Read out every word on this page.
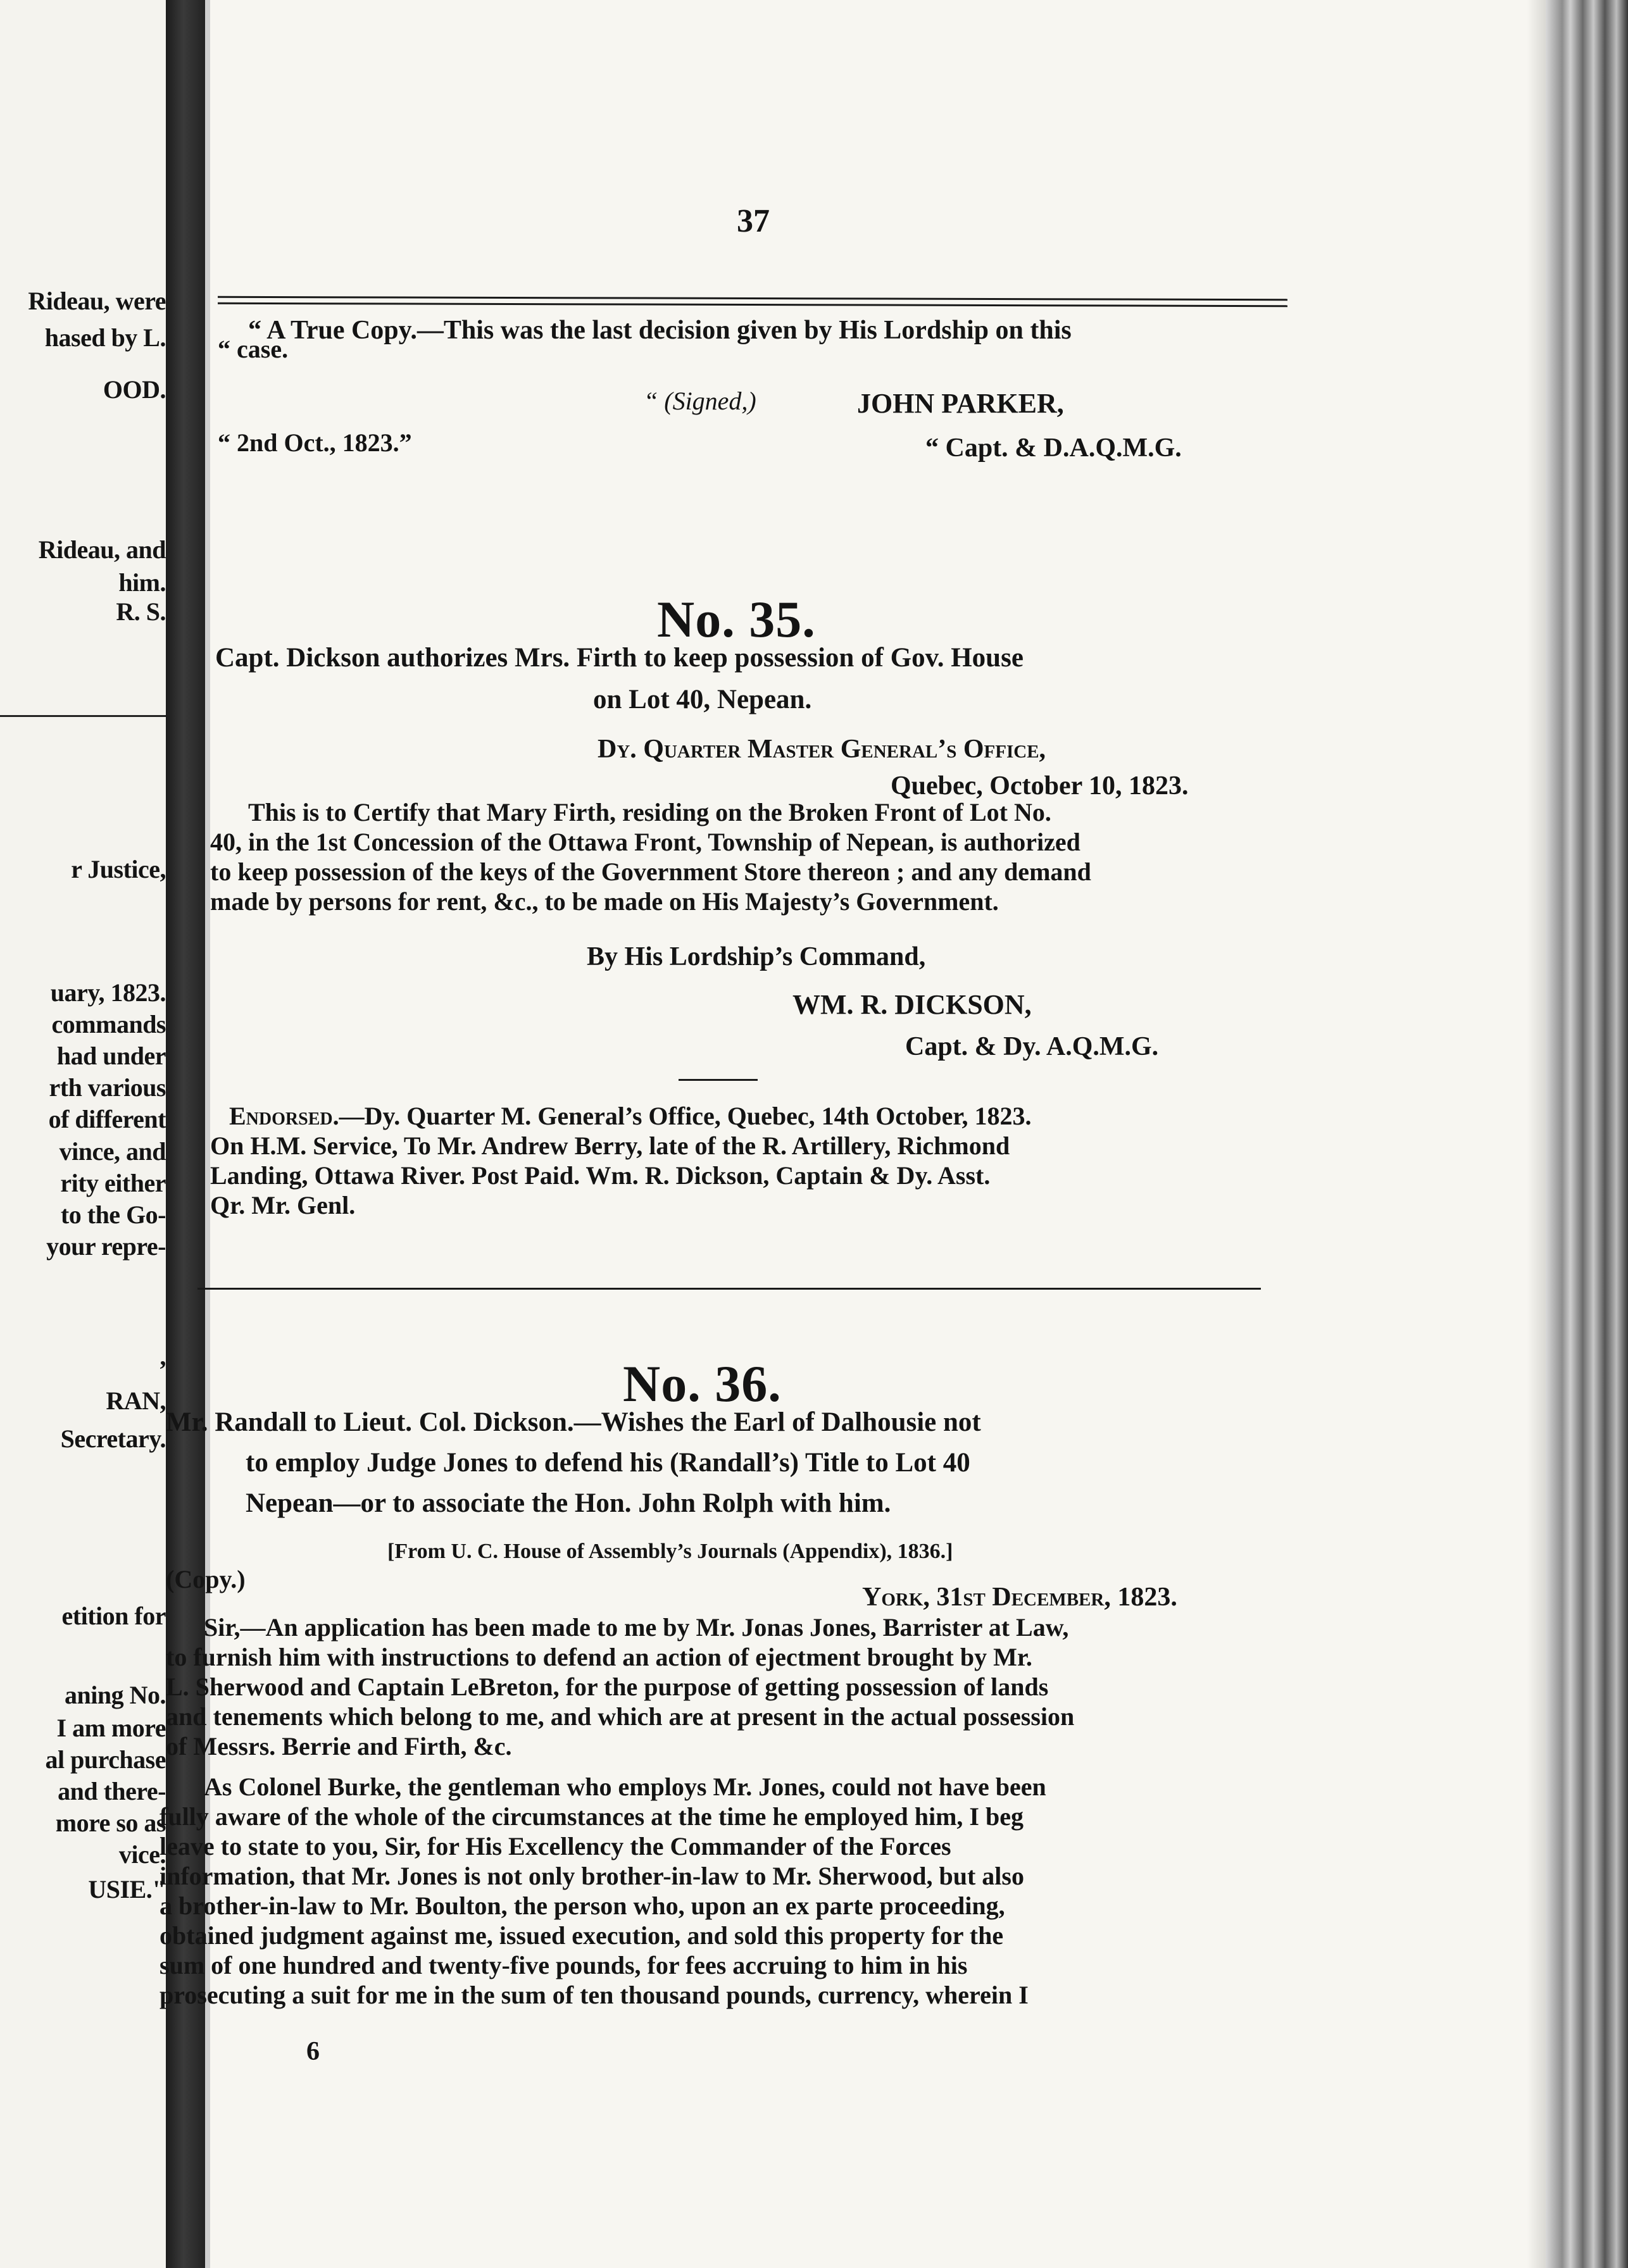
Rideau, were
hased by L.
OOD.
Rideau, and
him.
R. S.
r Justice,
uary, 1823.
commands
had under
rth various
of different
vince, and
rity either
to the Go-
your repre-
,
RAN,
Secretary.
etition for
aning No.
I am more
al purchase
and there-
more so as
vice.
USIE."
37
“ A True Copy.—This was the last decision given by His Lordship on this
“ case.
“ (Signed,)	JOHN PARKER,
“ 2nd Oct., 1823.”	“ Capt. & D.A.Q.M.G.
No. 35.
Capt. Dickson authorizes Mrs. Firth to keep possession of Gov. House
on Lot 40, Nepean.
Dy. Quarter Master General’s Office,
Quebec, October 10, 1823.
This is to Certify that Mary Firth, residing on the Broken Front of Lot No.
40, in the 1st Concession of the Ottawa Front, Township of Nepean, is authorized
to keep possession of the keys of the Government Store thereon ; and any demand
made by persons for rent, &c., to be made on His Majesty’s Government.
By His Lordship’s Command,
WM. R. DICKSON,
Capt. & Dy. A.Q.M.G.
Endorsed.—Dy. Quarter M. General’s Office, Quebec, 14th October, 1823.
On H.M. Service, To Mr. Andrew Berry, late of the R. Artillery, Richmond
Landing, Ottawa River. Post Paid. Wm. R. Dickson, Captain & Dy. Asst.
Qr. Mr. Genl.
No. 36.
Mr. Randall to Lieut. Col. Dickson.—Wishes the Earl of Dalhousie not
to employ Judge Jones to defend his (Randall’s) Title to Lot 40
Nepean—or to associate the Hon. John Rolph with him.
[From U. C. House of Assembly’s Journals (Appendix), 1836.]
(Copy.)
York, 31st December, 1823.
Sir,—An application has been made to me by Mr. Jonas Jones, Barrister at Law,
to furnish him with instructions to defend an action of ejectment brought by Mr.
L. Sherwood and Captain LeBreton, for the purpose of getting possession of lands
and tenements which belong to me, and which are at present in the actual possession
of Messrs. Berrie and Firth, &c.
As Colonel Burke, the gentleman who employs Mr. Jones, could not have been
fully aware of the whole of the circumstances at the time he employed him, I beg
leave to state to you, Sir, for His Excellency the Commander of the Forces
information, that Mr. Jones is not only brother-in-law to Mr. Sherwood, but also
a brother-in-law to Mr. Boulton, the person who, upon an ex parte proceeding,
obtained judgment against me, issued execution, and sold this property for the
sum of one hundred and twenty-five pounds, for fees accruing to him in his
prosecuting a suit for me in the sum of ten thousand pounds, currency, wherein I
6
